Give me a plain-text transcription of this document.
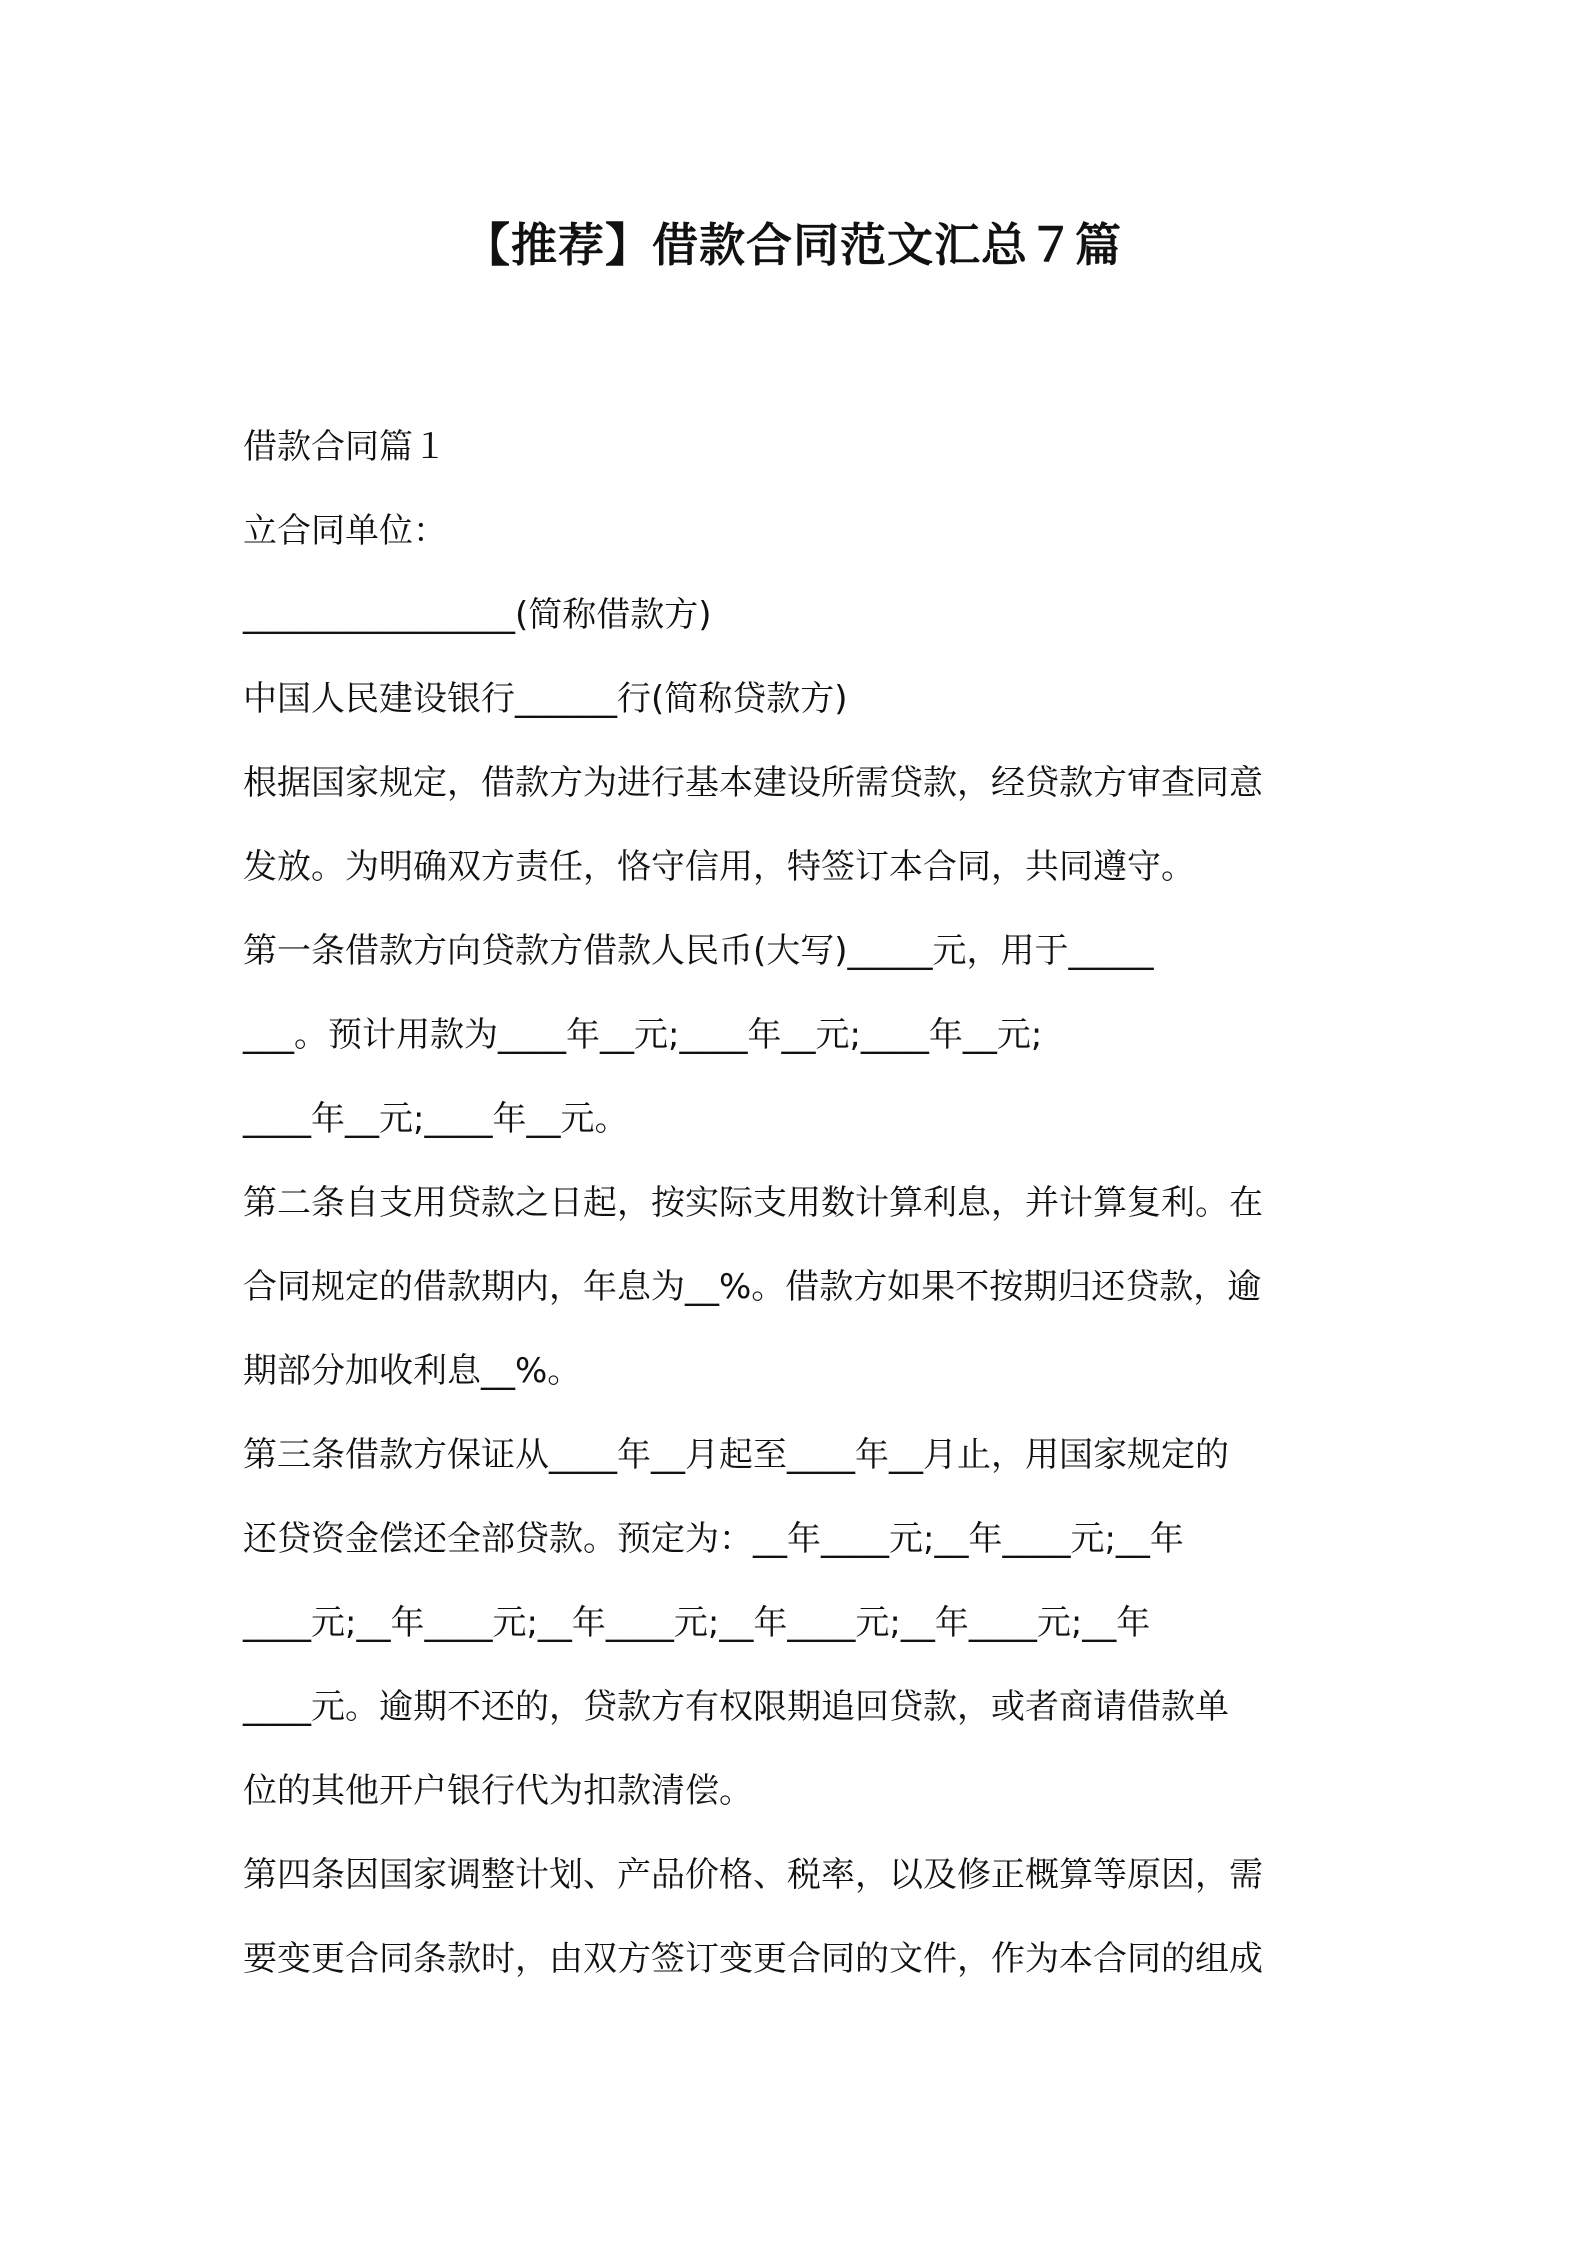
【推荐】借款合同范文汇总７篇

借款合同篇１

立合同单位：

________________(简称借款方)

中国人民建设银行______行(简称贷款方)

根据国家规定，借款方为进行基本建设所需贷款，经贷款方审查同意

发放。为明确双方责任，恪守信用，特签订本合同，共同遵守。

第一条借款方向贷款方借款人民币(大写)_____元，用于_____

___。预计用款为____年__元;____年__元;____年__元;

____年__元;____年__元。

第二条自支用贷款之日起，按实际支用数计算利息，并计算复利。在

合同规定的借款期内，年息为__%。借款方如果不按期归还贷款，逾

期部分加收利息__%。

第三条借款方保证从____年__月起至____年__月止，用国家规定的

还贷资金偿还全部贷款。预定为：__年____元;__年____元;__年

____元;__年____元;__年____元;__年____元;__年____元;__年

____元。逾期不还的，贷款方有权限期追回贷款，或者商请借款单

位的其他开户银行代为扣款清偿。

第四条因国家调整计划、产品价格、税率，以及修正概算等原因，需

要变更合同条款时，由双方签订变更合同的文件，作为本合同的组成
